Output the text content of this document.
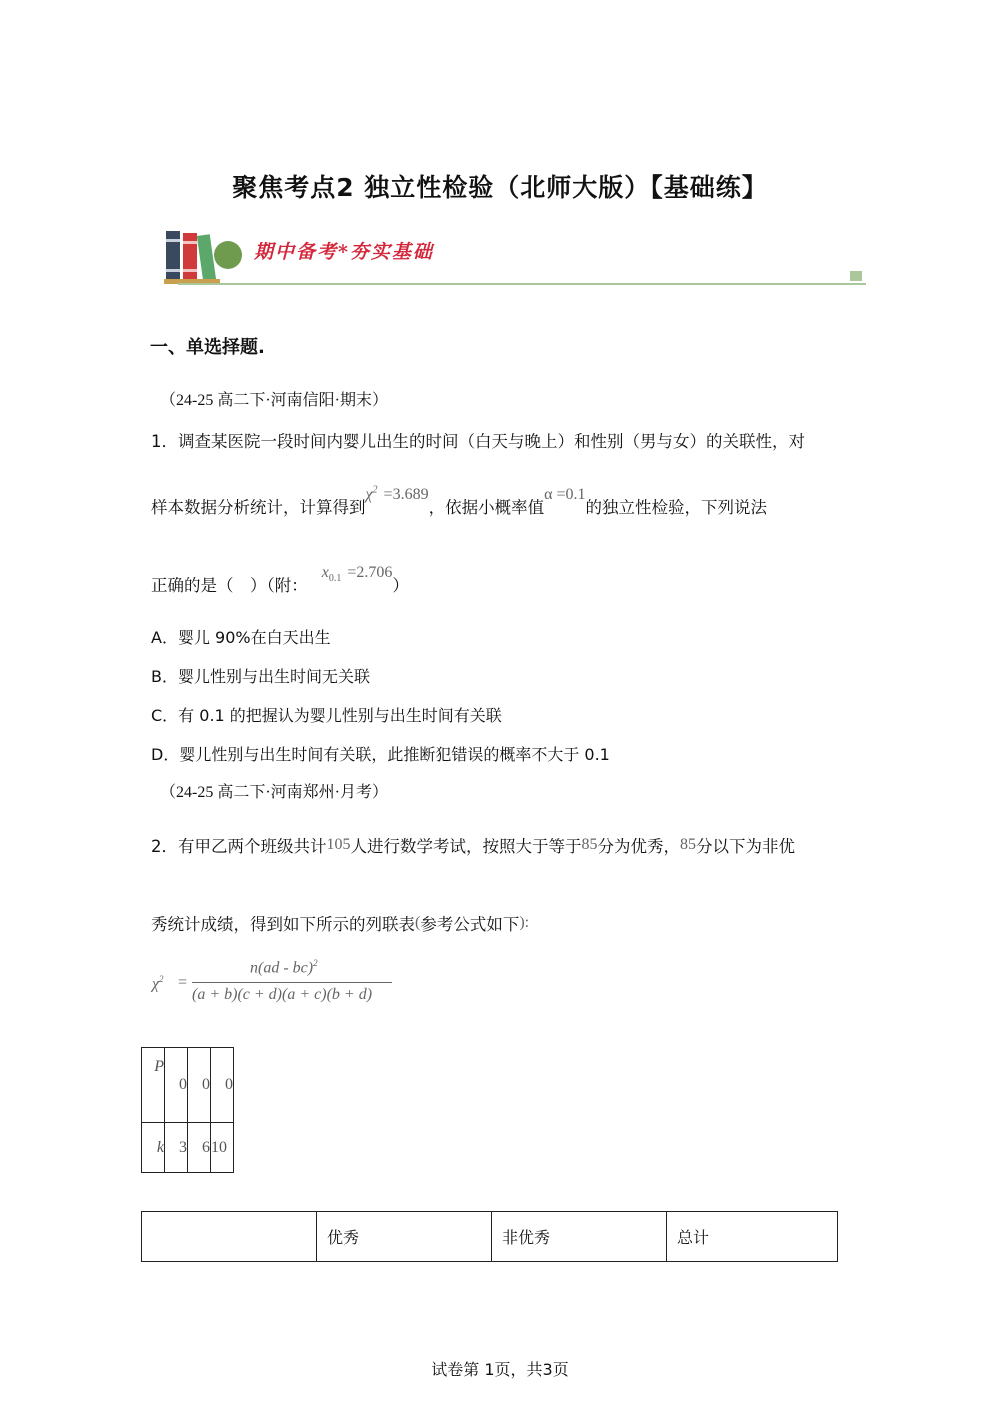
聚焦考点2 独立性检验（北师大版）【基础练】
期中备考*夯实基础
一、单选择题.
（24-25 高二下·河南信阳·期末）
1．调查某医院一段时间内婴儿出生的时间（白天与晚上）和性别（男与女）的关联性，对
样本数据分析统计，计算得到$\chi^2 =3.689$，依据小概率值α =0.1的独立性检验，下列说法
正确的是（　）（附：$x_{0.1} =2.706$）
A．婴儿 90%在白天出生
B．婴儿性别与出生时间无关联
C．有 0.1 的把握认为婴儿性别与出生时间有关联
D．婴儿性别与出生时间有关联，此推断犯错误的概率不大于 0.1
（24-25 高二下·河南郑州·月考）
2．有甲乙两个班级共计105人进行数学考试，按照大于等于85分为优秀，85分以下为非优
秀统计成绩，得到如下所示的列联表(参考公式如下):
$\chi^2$ =
n(ad - bc)$^2$
(a + b)(c + d)(a + c)(b + d)
P	0	0	0
k	3	6	10
	优秀	非优秀	总计
试卷第 1页，共3页
